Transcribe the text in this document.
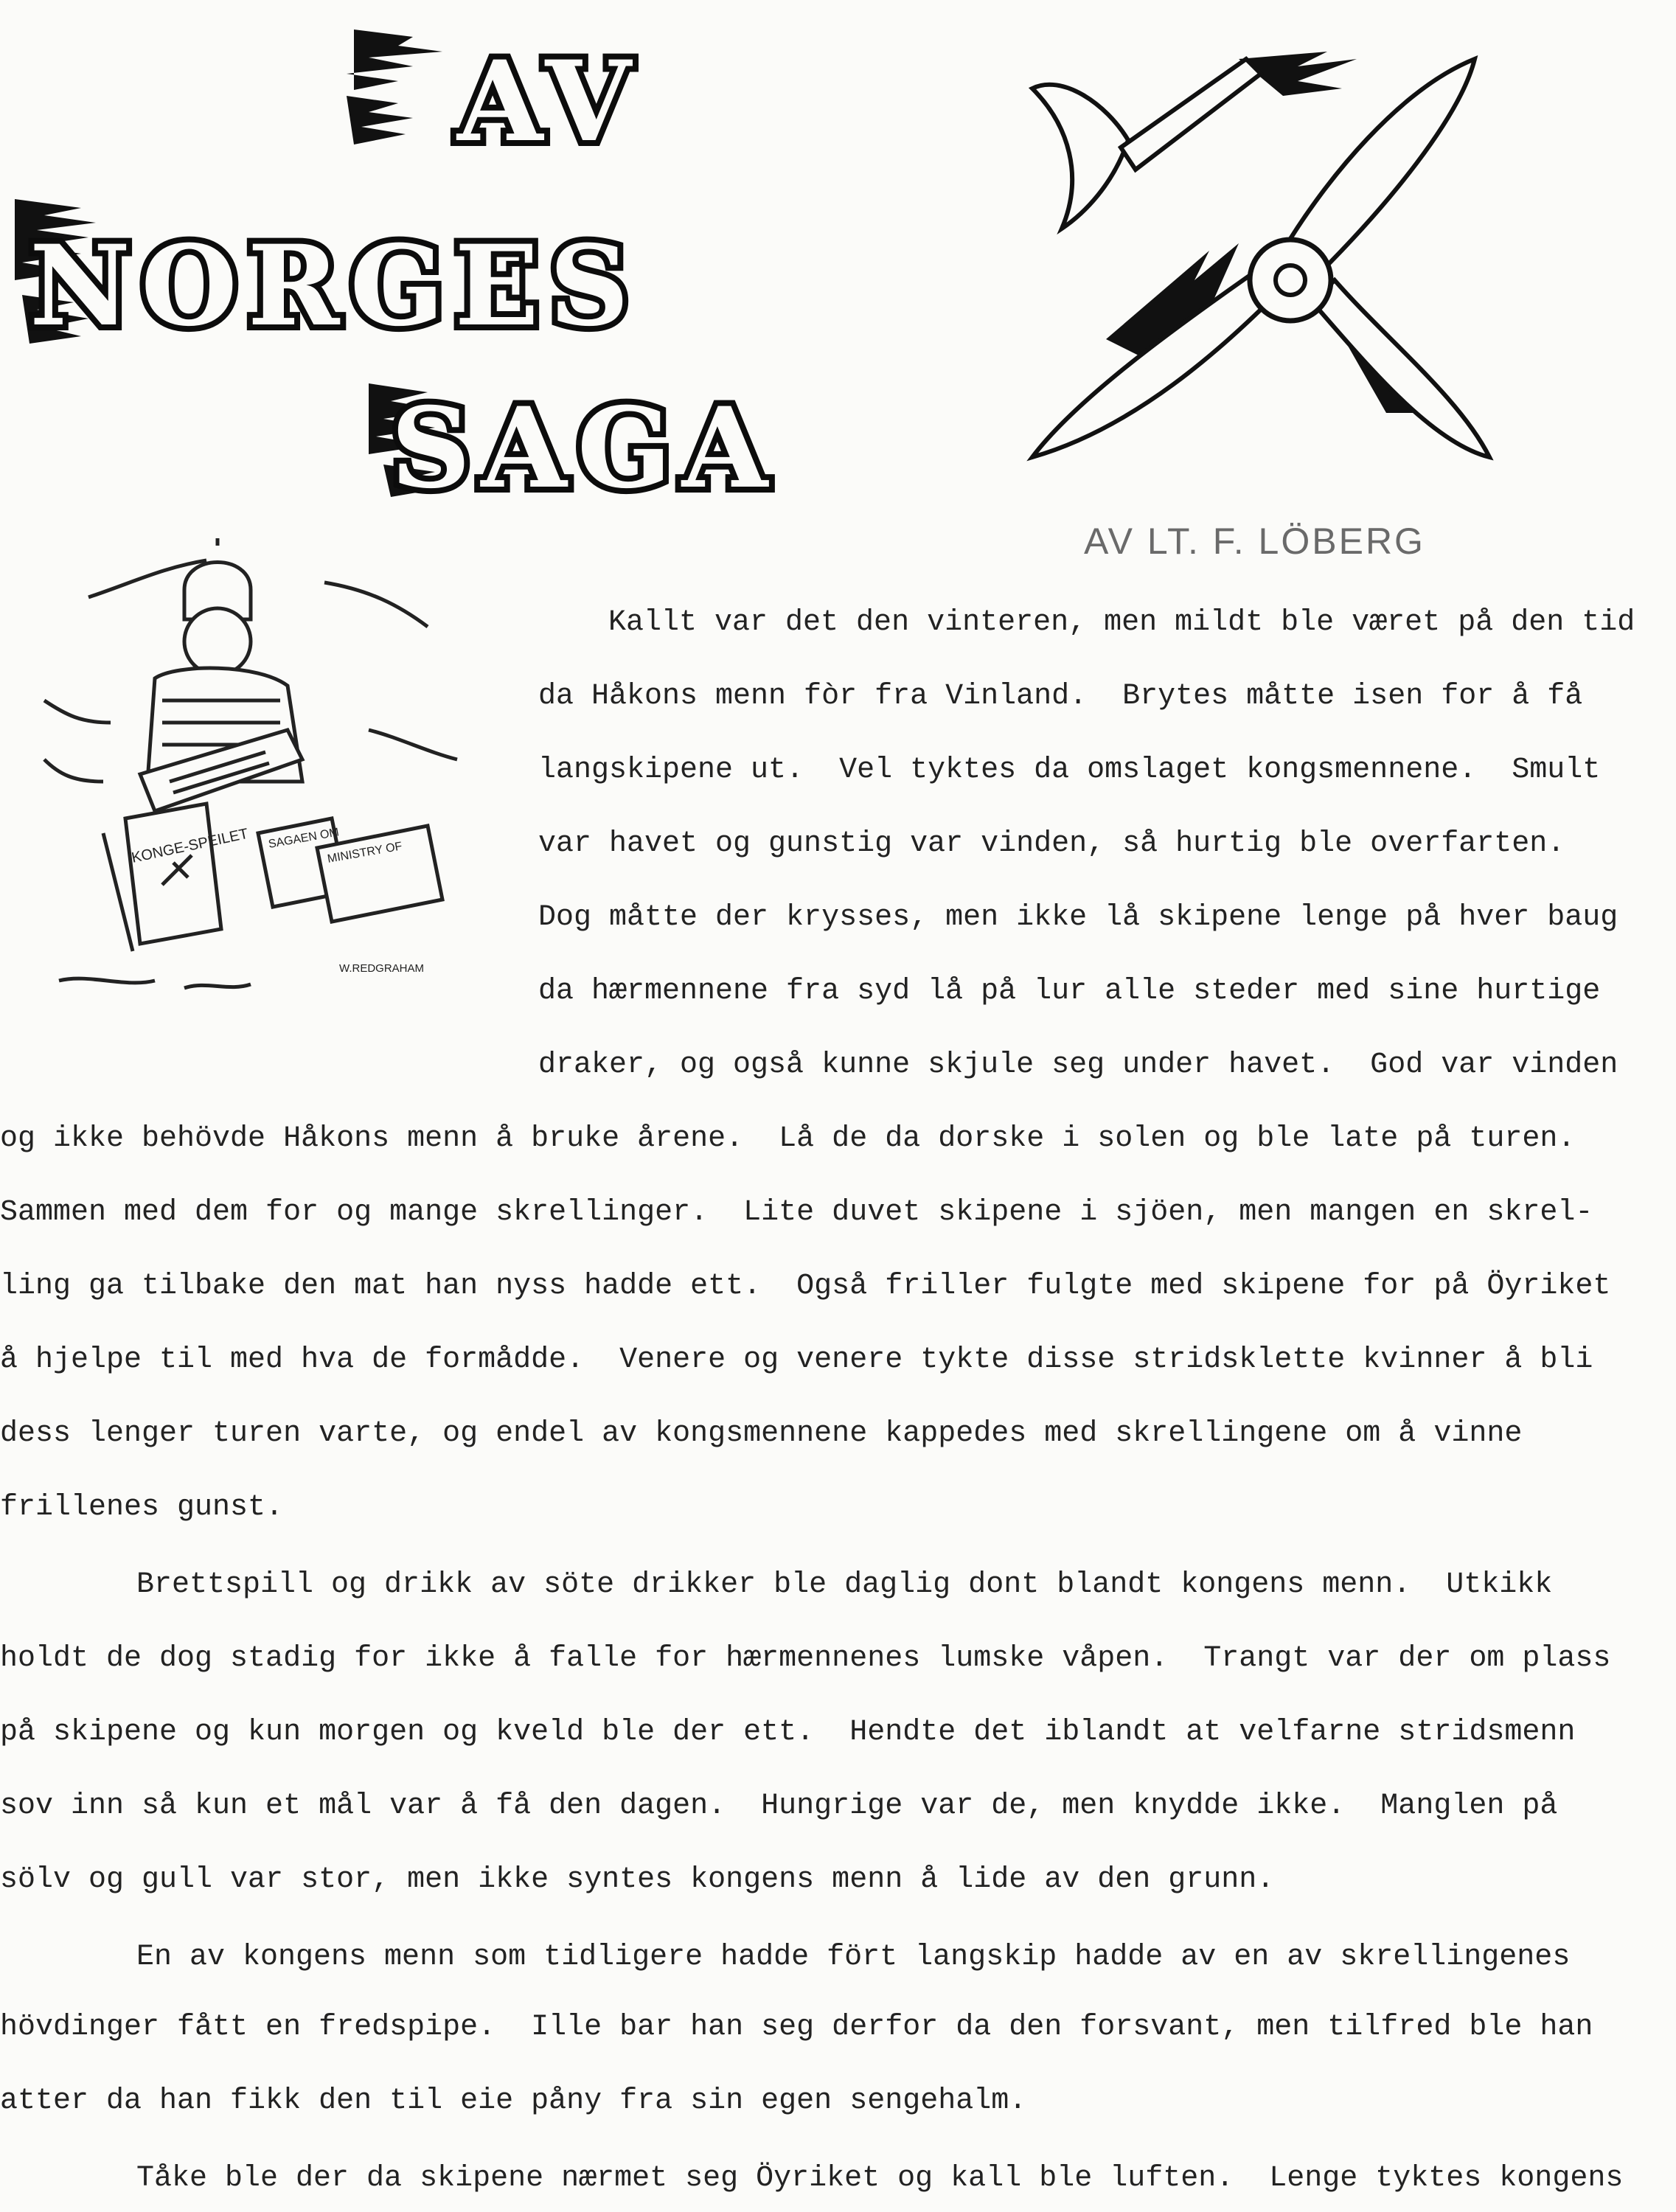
AV
NORGES
SAGA
AV LT. F. LÖBERG
KONGE-SPEILET SAGAEN OM
MINISTRY OF
W.REDGRAHAM
Kallt var det den vinteren, men mildt ble været på den tid
da Håkons menn fòr fra Vinland.  Brytes måtte isen for å få
langskipene ut.  Vel tyktes da omslaget kongsmennene.  Smult
var havet og gunstig var vinden, så hurtig ble overfarten.
Dog måtte der krysses, men ikke lå skipene lenge på hver baug
da hærmennene fra syd lå på lur alle steder med sine hurtige
draker, og også kunne skjule seg under havet.  God var vinden
og ikke behövde Håkons menn å bruke årene.  Lå de da dorske i solen og ble late på turen.
Sammen med dem for og mange skrellinger.  Lite duvet skipene i sjöen, men mangen en skrel-
ling ga tilbake den mat han nyss hadde ett.  Også friller fulgte med skipene for på Öyriket
å hjelpe til med hva de formådde.  Venere og venere tykte disse stridsklette kvinner å bli
dess lenger turen varte, og endel av kongsmennene kappedes med skrellingene om å vinne
frillenes gunst.
Brettspill og drikk av söte drikker ble daglig dont blandt kongens menn.  Utkikk
holdt de dog stadig for ikke å falle for hærmennenes lumske våpen.  Trangt var der om plass
på skipene og kun morgen og kveld ble der ett.  Hendte det iblandt at velfarne stridsmenn
sov inn så kun et mål var å få den dagen.  Hungrige var de, men knydde ikke.  Manglen på
sölv og gull var stor, men ikke syntes kongens menn å lide av den grunn.
En av kongens menn som tidligere hadde fört langskip hadde av en av skrellingenes
hövdinger fått en fredspipe.  Ille bar han seg derfor da den forsvant, men tilfred ble han
atter da han fikk den til eie påny fra sin egen sengehalm.
Tåke ble der da skipene nærmet seg Öyriket og kall ble luften.  Lenge tyktes kongens
